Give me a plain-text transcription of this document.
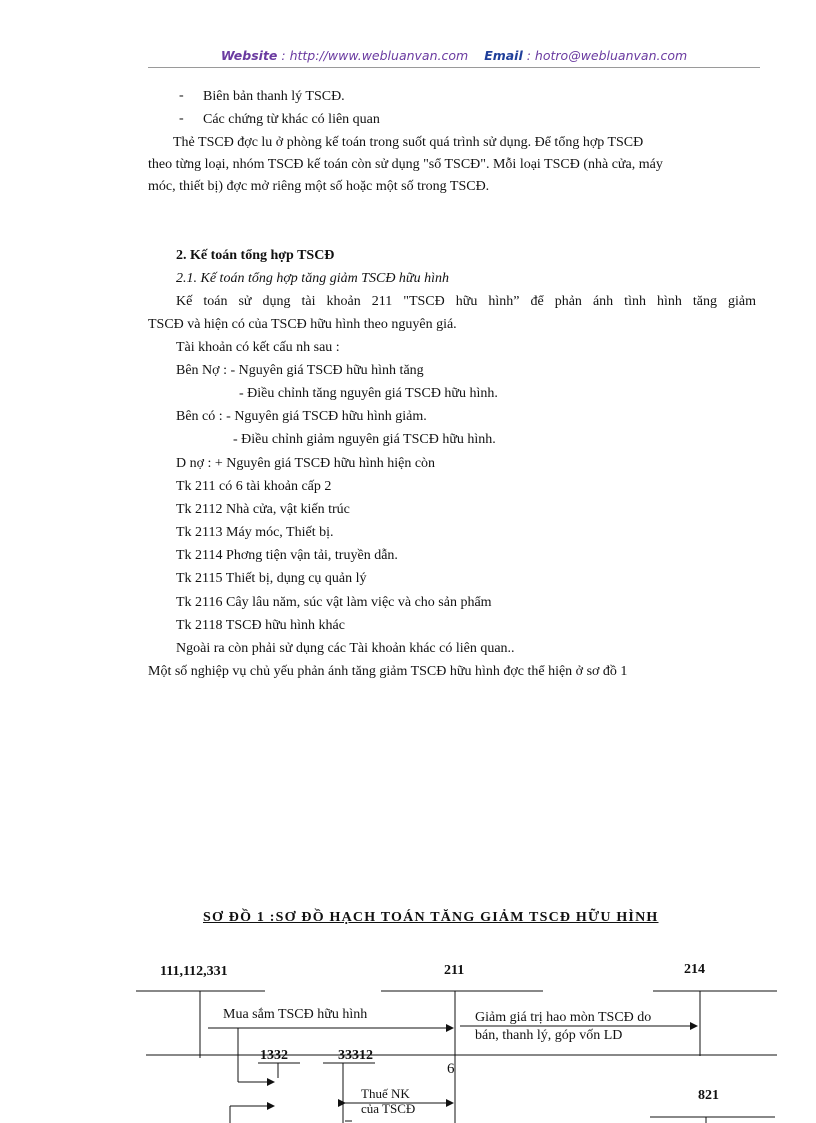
Website : http://www.webluanvan.com Email : hotro@webluanvan.com
- Biên bản thanh lý TSCĐ.
- Các chứng từ khác có liên quan
Thẻ TSCĐ đợc lu ở phòng kế toán trong suốt quá trình sử dụng. Để tổng hợp TSCĐ
theo từng loại, nhóm TSCĐ kế toán còn sử dụng "sổ TSCĐ". Mỗi loại TSCĐ (nhà cửa, máy
móc, thiết bị) đợc mở riêng một số hoặc một số trong TSCĐ.
2. Kế toán tổng hợp TSCĐ
2.1. Kế toán tổng hợp tăng giảm TSCĐ hữu hình
Kế toán sử dụng tài khoản 211 "TSCĐ hữu hình” để phản ánh tình hình tăng giảm
TSCĐ và hiện có của TSCĐ hữu hình theo nguyên giá.
Tài khoản có kết cấu nh sau :
Bên Nợ : - Nguyên giá TSCĐ hữu hình tăng
- Điều chỉnh tăng nguyên giá TSCĐ hữu hình.
Bên có : - Nguyên giá TSCĐ hữu hình giảm.
- Điều chỉnh giảm nguyên giá TSCĐ hữu hình.
D nợ : + Nguyên giá TSCĐ hữu hình hiện còn
Tk 211 có 6 tài khoản cấp 2
Tk 2112 Nhà cửa, vật kiến trúc
Tk 2113 Máy móc, Thiết bị.
Tk 2114 Phơng tiện vận tải, truyền dẫn.
Tk 2115 Thiết bị, dụng cụ quản lý
Tk 2116 Cây lâu năm, súc vật làm việc và cho sản phẩm
Tk 2118 TSCĐ hữu hình khác
Ngoài ra còn phải sử dụng các Tài khoản khác có liên quan..
Một số nghiệp vụ chủ yếu phản ánh tăng giảm TSCĐ hữu hình đợc thể hiện ở sơ đồ 1
SƠ ĐỒ 1 :SƠ ĐỒ HẠCH TOÁN TĂNG GIẢM TSCĐ HỮU HÌNH
111,112,331	211	214
1332	33312
821
Mua sắm TSCĐ hữu hình	Giảm giá trị hao mòn TSCĐ do
bán, thanh lý, góp vốn LD
Thuế NK
của TSCĐ
6
